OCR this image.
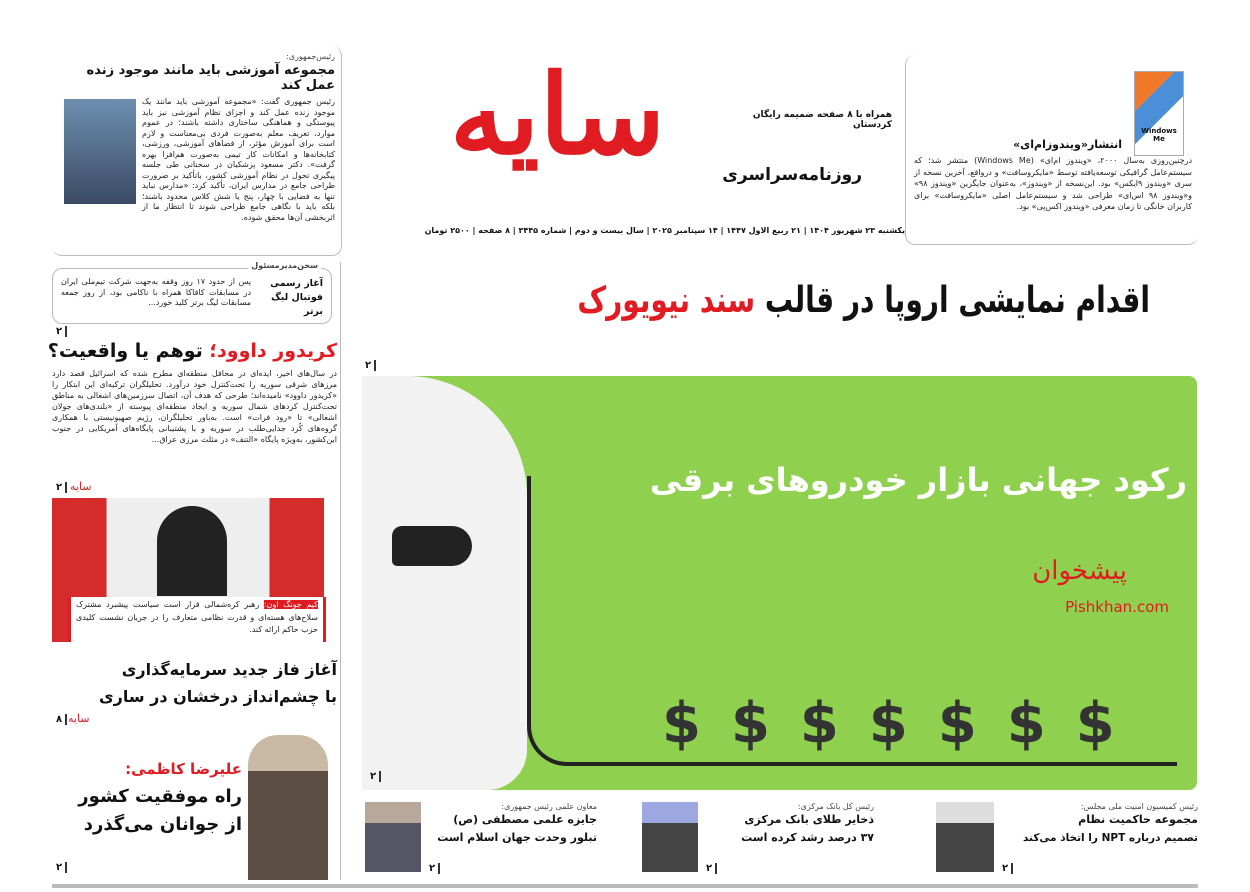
سایه	همراه با ۸ صفحه ضمیمه رایگان کردستان
روزنامه‌سراسری
یکشنبه ۲۳ شهریور ۱۴۰۴ | ۲۱ ربیع الاول ۱۴۴۷ | ۱۴ سپتامبر ۲۰۲۵ | سال بیست و دوم | شماره ۳۴۴۵ | ۸ صفحه | ۲۵۰۰ تومان
رئیس‌جمهوری:
مجموعه آموزشی باید مانند موجود زنده عمل کند
رئیس جمهوری گفت: «مجموعه آموزشی باید مانند یک موجود زنده عمل کند و اجزای نظام آموزشی نیز باید پیوستگی و هماهنگی ساختاری داشته باشند؛ در عموم موارد، تعریف معلم به‌صورت فردی بی‌معناست و لازم است برای آموزش مؤثر، از فضاهای آموزشی، ورزشی، کتابخانه‌ها و امکانات کار تیمی به‌صورت هم‌افزا بهره گرفت». دکتر مسعود پزشکیان در سخنانی طی جلسه پیگیری تحول در نظام آموزشی کشور، باتأکید بر ضرورت طراحی جامع در مدارس ایران، تأکید کرد: «مدارس نباید تنها به فضایی با چهار، پنج یا شش کلاس محدود باشند؛ بلکه باید با نگاهی جامع طراحی شوند تا انتظار ما از اثربخشی آن‌ها محقق شوده.
Windows Me
انتشار«ویندوزام‌ای»
درچنین‌روزی به‌سال ۲۰۰۰، «ویندوز ام‌ای» (Windows Me) منتشر شد؛ که سیستم‌عامل گرافیکی توسعه‌یافته توسط «مایکروسافت» و درواقع، آخرین نسخه از سری «ویندوز ۹ایکس» بود. این‌نسخه از «ویندوز»، به‌عنوان جایگزین «ویندوز ۹۸» و«ویندوز ۹۸ اس‌ای» طراحی شد و سیستم‌عامل اصلی «مایکروسافت» برای کاربران خانگی تا زمان معرفی «ویندوز اکس‌پی» بود.
اقدام نمایشی اروپا در قالب سند نیویورک
۲
رکود جهانی بازار خودروهای برقی
پیشخوان
Pishkhan.com
$$$$$$$
۲
سخن‌مدیرمسئول
آغاز رسمی فوتبال لیگ برتر
پس از حدود ۱۷ روز وقفه به‌جهت شرکت تیم‌ملی ایران در مسابقات کافاکا همراه با ناکامی بود، از روز جمعه مسابقات لیگ برتر کلید خورد...
۲
کریدور داوود؛ توهم یا واقعیت؟
در سال‌های اخیر، ایده‌ای در محافل منطقه‌ای مطرح شده که اسرائیل قصد دارد مرزهای شرقی سوریه را تحت‌کنترل خود درآورد. تحلیلگران ترکیه‌ای این ابتکار را «کریدور داوود» نامیده‌اند؛ طرحی که هدف آن، اتصال سرزمین‌های اشغالی به مناطق تحت‌کنترل کردهای شمال سوریه و ایجاد منطقه‌ای پیوسته از «بلندی‌های جولان اشغالی» تا «رود فرات» است. به‌باور تحلیلگران، رژیم صهیونیستی با همکاری گروه‌های کُرد جدایی‌طلب در سوریه و با پشتیبانی پایگاه‌های آمریکایی در جنوب این‌کشور، به‌ویژه پایگاه «التنف» در مثلث مرزی عراق...
۲ سایه
کیم جونگ اون: رهبر کره‌شمالی قرار است سیاست پیشبرد مشترک سلاح‌های هسته‌ای و قدرت نظامی متعارف را در جریان نشست کلیدی حزب حاکم ارائه کند.
آغاز فاز جدید سرمایه‌گذاری
با چشم‌انداز درخشان در ساری
۸ سایه
علیرضا کاظمی:
راه موفقیت کشور
از جوانان می‌گذرد
۲
رئیس کمیسیون امنیت ملی مجلس:
مجموعه حاکمیت نظام
تصمیم درباره NPT را اتخاذ می‌کند
۲
رئیس کل بانک مرکزی:
ذخایر طلای بانک مرکزی
۳۷ درصد رشد کرده است
۲
معاون علمی رئیس جمهوری:
جایزه علمی مصطفی (ص)
تبلور وحدت جهان اسلام است
۲
